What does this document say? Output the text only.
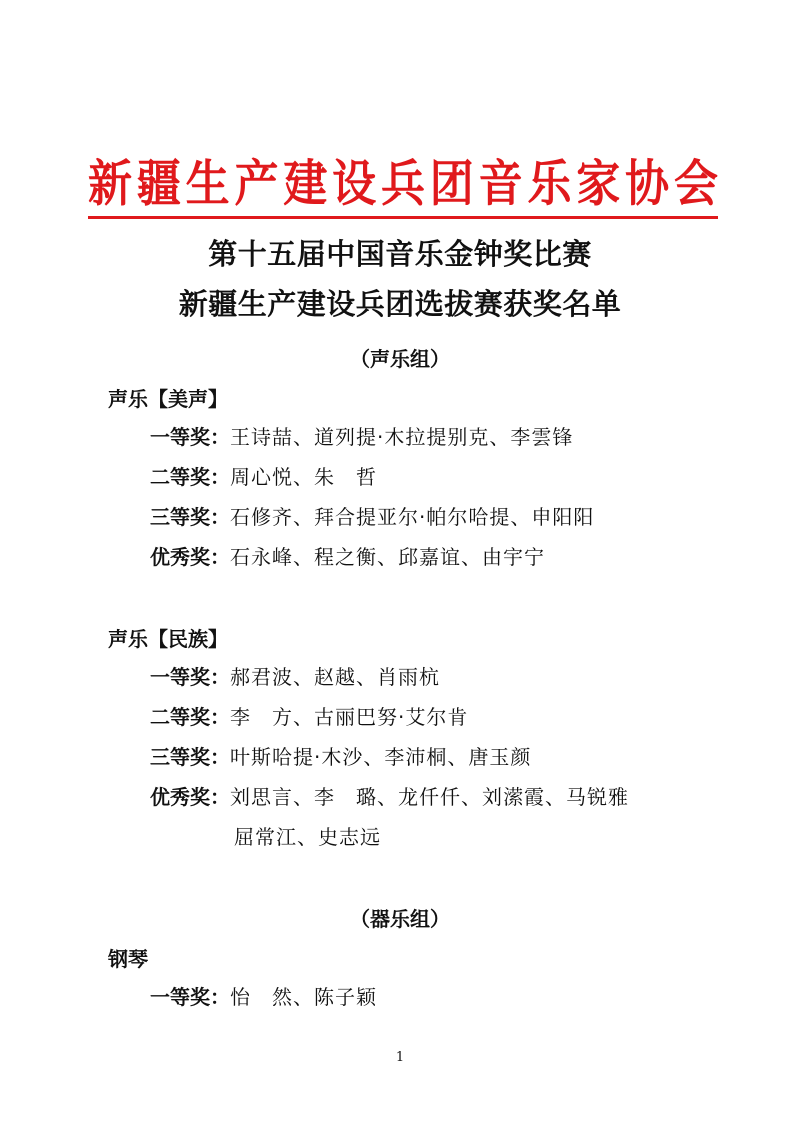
新 疆 生 产 建 设 兵 团 音 乐 家 协 会
第十五届中国音乐金钟奖比赛
新疆生产建设兵团选拔赛获奖名单
（声乐组）
声乐【美声】
一等奖： 王诗喆、道列提·木拉提别克、李雲锋
二等奖： 周心悦、朱　哲
三等奖： 石修齐、拜合提亚尔·帕尔哈提、申阳阳
优秀奖： 石永峰、程之衡、邱嘉谊、由宇宁
声乐【民族】
一等奖： 郝君波、赵越、肖雨杭
二等奖： 李　方、古丽巴努·艾尔肯
三等奖： 叶斯哈提·木沙、李沛桐、唐玉颜
优秀奖： 刘思言、李　璐、龙仟仟、刘潆霞、马锐雅
屈常江、史志远
（器乐组）
钢琴
一等奖： 怡　然、陈子颖
1
